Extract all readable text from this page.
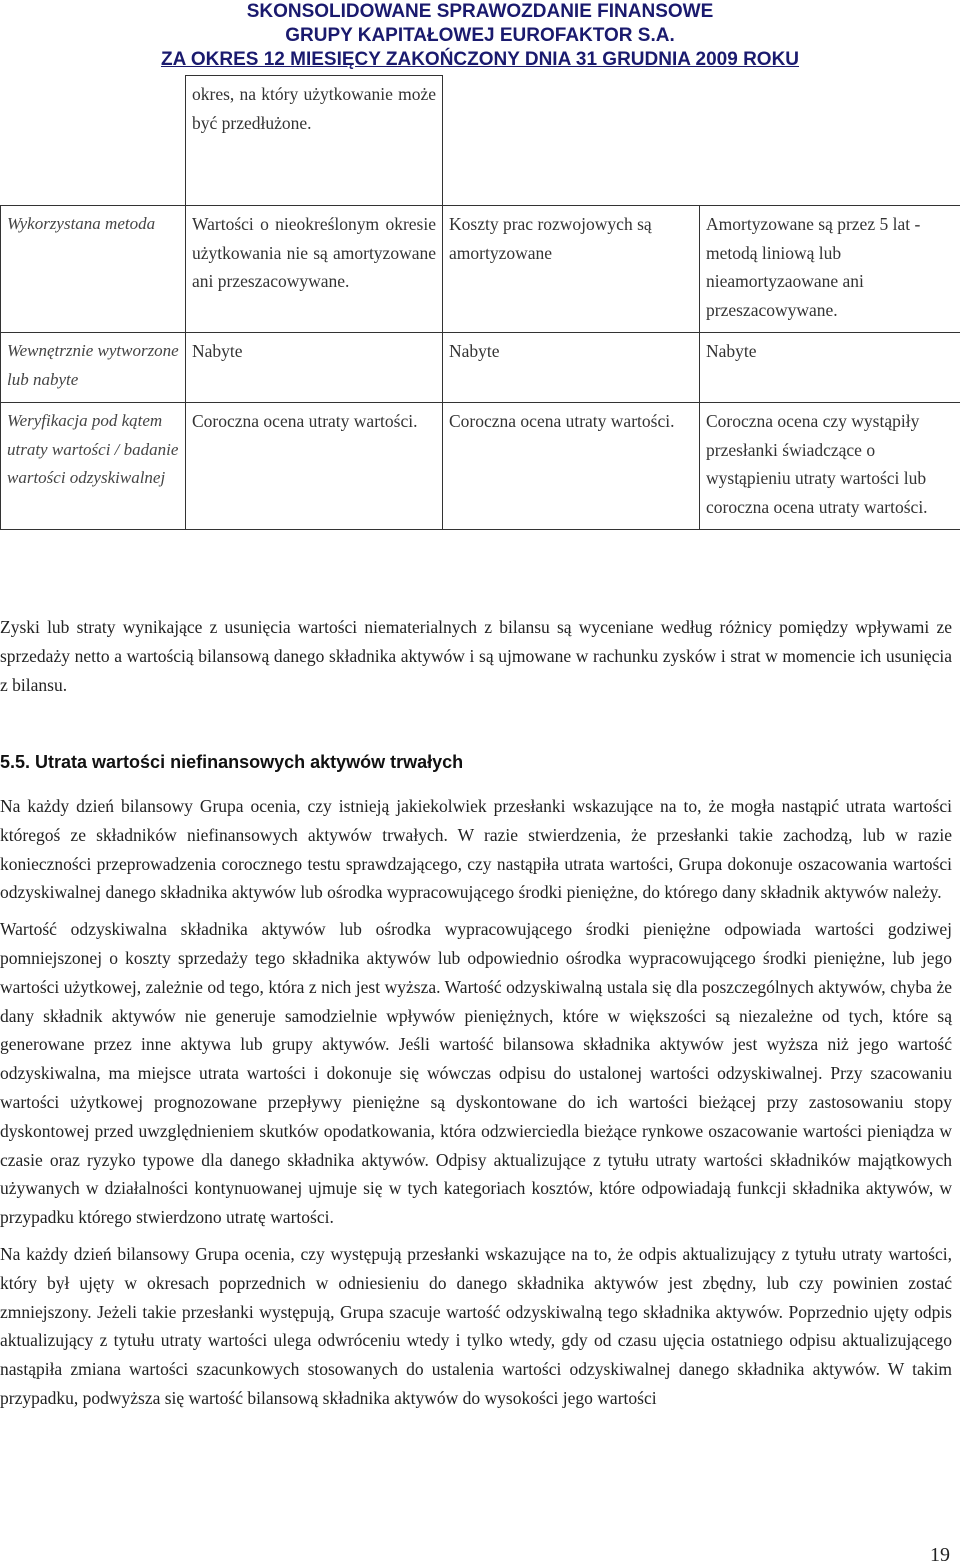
SKONSOLIDOWANE SPRAWOZDANIE FINANSOWE
GRUPY KAPITAŁOWEJ EUROFAKTOR S.A.
ZA OKRES 12 MIESIĘCY ZAKOŃCZONY DNIA 31 GRUDNIA 2009 ROKU
	okres, na który użytkowanie może być przedłużone.		
Wykorzystana metoda	Wartości o nieokreślonym okresie użytkowania nie są amortyzowane ani przeszacowywane.	Koszty prac rozwojowych są amortyzowane	Amortyzowane są przez 5 lat - metodą liniową lub nieamortyzaowane ani przeszacowywane.
Wewnętrznie wytworzone lub nabyte	Nabyte	Nabyte	Nabyte
Weryfikacja pod kątem utraty wartości / badanie wartości odzyskiwalnej	Coroczna ocena utraty wartości.	Coroczna ocena utraty wartości.	Coroczna ocena czy wystąpiły przesłanki świadczące o wystąpieniu utraty wartości lub coroczna ocena utraty wartości.

Zyski lub straty wynikające z usunięcia wartości niematerialnych z bilansu są wyceniane według różnicy pomiędzy wpływami ze sprzedaży netto a wartością bilansową danego składnika aktywów i są ujmowane w rachunku zysków i strat w momencie ich usunięcia z bilansu.

5.5. Utrata wartości niefinansowych aktywów trwałych

Na każdy dzień bilansowy Grupa ocenia, czy istnieją jakiekolwiek przesłanki wskazujące na to, że mogła nastąpić utrata wartości któregoś ze składników niefinansowych aktywów trwałych. W razie stwierdzenia, że przesłanki takie zachodzą, lub w razie konieczności przeprowadzenia corocznego testu sprawdzającego, czy nastąpiła utrata wartości, Grupa dokonuje oszacowania wartości odzyskiwalnej danego składnika aktywów lub ośrodka wypracowującego środki pieniężne, do którego dany składnik aktywów należy.

Wartość odzyskiwalna składnika aktywów lub ośrodka wypracowującego środki pieniężne odpowiada wartości godziwej pomniejszonej o koszty sprzedaży tego składnika aktywów lub odpowiednio ośrodka wypracowującego środki pieniężne, lub jego wartości użytkowej, zależnie od tego, która z nich jest wyższa. Wartość odzyskiwalną ustala się dla poszczególnych aktywów, chyba że dany składnik aktywów nie generuje samodzielnie wpływów pieniężnych, które w większości są niezależne od tych, które są generowane przez inne aktywa lub grupy aktywów. Jeśli wartość bilansowa składnika aktywów jest wyższa niż jego wartość odzyskiwalna, ma miejsce utrata wartości i dokonuje się wówczas odpisu do ustalonej wartości odzyskiwalnej. Przy szacowaniu wartości użytkowej prognozowane przepływy pieniężne są dyskontowane do ich wartości bieżącej przy zastosowaniu stopy dyskontowej przed uwzględnieniem skutków opodatkowania, która odzwierciedla bieżące rynkowe oszacowanie wartości pieniądza w czasie oraz ryzyko typowe dla danego składnika aktywów. Odpisy aktualizujące z tytułu utraty wartości składników majątkowych używanych w działalności kontynuowanej ujmuje się w tych kategoriach kosztów, które odpowiadają funkcji składnika aktywów, w przypadku którego stwierdzono utratę wartości.

Na każdy dzień bilansowy Grupa ocenia, czy występują przesłanki wskazujące na to, że odpis aktualizujący z tytułu utraty wartości, który był ujęty w okresach poprzednich w odniesieniu do danego składnika aktywów jest zbędny, lub czy powinien zostać zmniejszony. Jeżeli takie przesłanki występują, Grupa szacuje wartość odzyskiwalną tego składnika aktywów. Poprzednio ujęty odpis aktualizujący z tytułu utraty wartości ulega odwróceniu wtedy i tylko wtedy, gdy od czasu ujęcia ostatniego odpisu aktualizującego nastąpiła zmiana wartości szacunkowych stosowanych do ustalenia wartości odzyskiwalnej danego składnika aktywów. W takim przypadku, podwyższa się wartość bilansową składnika aktywów do wysokości jego wartości

19
